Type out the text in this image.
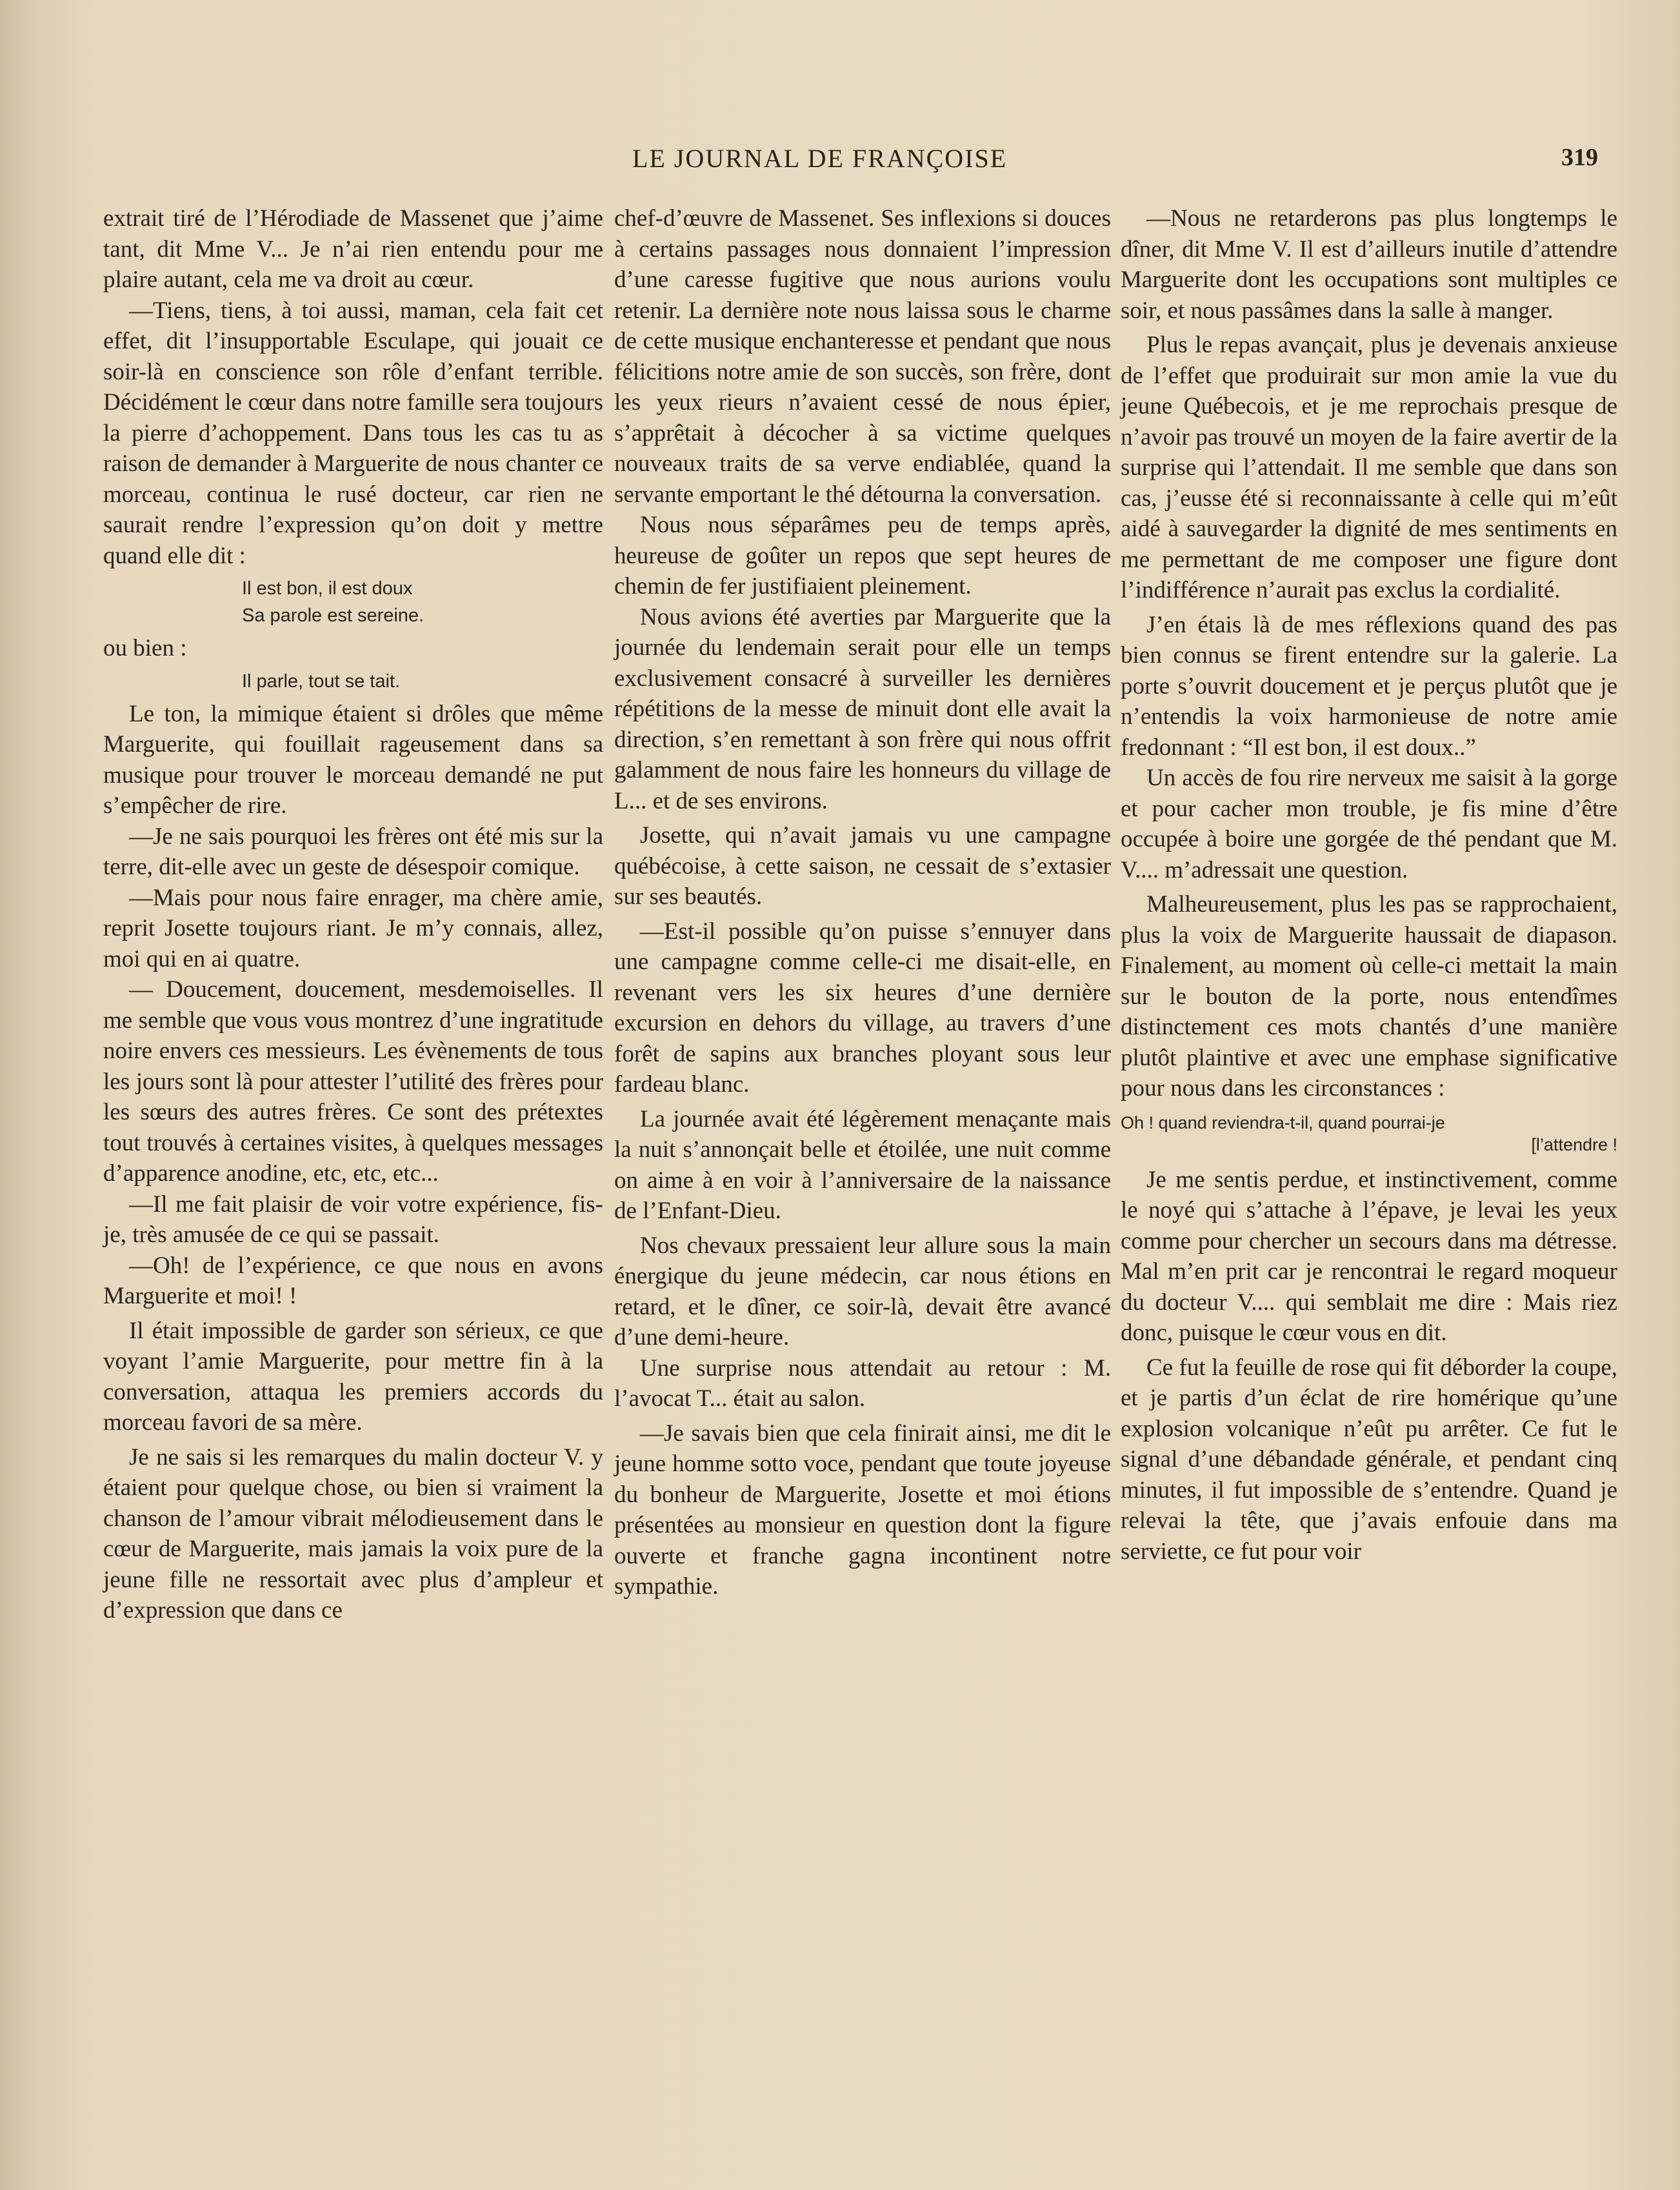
LE JOURNAL DE FRANÇOISE	319

extrait tiré de l’Hérodiade de Massenet que j’aime tant, dit Mme V... Je n’ai rien entendu pour me plaire autant, cela me va droit au cœur.

—Tiens, tiens, à toi aussi, maman, cela fait cet effet, dit l’insupportable Esculape, qui jouait ce soir-là en conscience son rôle d’enfant terrible. Décidément le cœur dans notre famille sera toujours la pierre d’achoppement. Dans tous les cas tu as raison de demander à Marguerite de nous chanter ce morceau, continua le rusé docteur, car rien ne saurait rendre l’expression qu’on doit y mettre quand elle dit :

Il est bon, il est doux
Sa parole est sereine.

ou bien :

Il parle, tout se tait.

Le ton, la mimique étaient si drôles que même Marguerite, qui fouillait rageusement dans sa musique pour trouver le morceau demandé ne put s’empêcher de rire.

—Je ne sais pourquoi les frères ont été mis sur la terre, dit-elle avec un geste de désespoir comique.

—Mais pour nous faire enrager, ma chère amie, reprit Josette toujours riant. Je m’y connais, allez, moi qui en ai quatre.

— Doucement, doucement, mesdemoiselles. Il me semble que vous vous montrez d’une ingratitude noire envers ces messieurs. Les évènements de tous les jours sont là pour attester l’utilité des frères pour les sœurs des autres frères. Ce sont des prétextes tout trouvés à certaines visites, à quelques messages d’apparence anodine, etc, etc, etc...

—Il me fait plaisir de voir votre expérience, fis-je, très amusée de ce qui se passait.

—Oh! de l’expérience, ce que nous en avons Marguerite et moi! !

Il était impossible de garder son sérieux, ce que voyant l’amie Marguerite, pour mettre fin à la conversation, attaqua les premiers accords du morceau favori de sa mère.

Je ne sais si les remarques du malin docteur V. y étaient pour quelque chose, ou bien si vraiment la chanson de l’amour vibrait mélodieusement dans le cœur de Marguerite, mais jamais la voix pure de la jeune fille ne ressortait avec plus d’ampleur et d’expression que dans ce

chef-d’œuvre de Massenet. Ses inflexions si douces à certains passages nous donnaient l’impression d’une caresse fugitive que nous aurions voulu retenir. La dernière note nous laissa sous le charme de cette musique enchanteresse et pendant que nous félicitions notre amie de son succès, son frère, dont les yeux rieurs n’avaient cessé de nous épier, s’apprêtait à décocher à sa victime quelques nouveaux traits de sa verve endiablée, quand la servante emportant le thé détourna la conversation.

Nous nous séparâmes peu de temps après, heureuse de goûter un repos que sept heures de chemin de fer justifiaient pleinement.

Nous avions été averties par Marguerite que la journée du lendemain serait pour elle un temps exclusivement consacré à surveiller les dernières répétitions de la messe de minuit dont elle avait la direction, s’en remettant à son frère qui nous offrit galamment de nous faire les honneurs du village de L... et de ses environs.

Josette, qui n’avait jamais vu une campagne québécoise, à cette saison, ne cessait de s’extasier sur ses beautés.

—Est-il possible qu’on puisse s’ennuyer dans une campagne comme celle-ci me disait-elle, en revenant vers les six heures d’une dernière excursion en dehors du village, au travers d’une forêt de sapins aux branches ployant sous leur fardeau blanc.

La journée avait été légèrement menaçante mais la nuit s’annonçait belle et étoilée, une nuit comme on aime à en voir à l’anniversaire de la naissance de l’Enfant-Dieu.

Nos chevaux pressaient leur allure sous la main énergique du jeune médecin, car nous étions en retard, et le dîner, ce soir-là, devait être avancé d’une demi-heure.

Une surprise nous attendait au retour : M. l’avocat T... était au salon.

—Je savais bien que cela finirait ainsi, me dit le jeune homme sotto voce, pendant que toute joyeuse du bonheur de Marguerite, Josette et moi étions présentées au monsieur en question dont la figure ouverte et franche gagna incontinent notre sympathie.

—Nous ne retarderons pas plus longtemps le dîner, dit Mme V. Il est d’ailleurs inutile d’attendre Marguerite dont les occupations sont multiples ce soir, et nous passâmes dans la salle à manger.

Plus le repas avançait, plus je devenais anxieuse de l’effet que produirait sur mon amie la vue du jeune Québecois, et je me reprochais presque de n’avoir pas trouvé un moyen de la faire avertir de la surprise qui l’attendait. Il me semble que dans son cas, j’eusse été si reconnaissante à celle qui m’eût aidé à sauvegarder la dignité de mes sentiments en me permettant de me composer une figure dont l’indifférence n’aurait pas exclus la cordialité.

J’en étais là de mes réflexions quand des pas bien connus se firent entendre sur la galerie. La porte s’ouvrit doucement et je perçus plutôt que je n’entendis la voix harmonieuse de notre amie fredonnant : “Il est bon, il est doux..”

Un accès de fou rire nerveux me saisit à la gorge et pour cacher mon trouble, je fis mine d’être occupée à boire une gorgée de thé pendant que M. V.... m’adressait une question.

Malheureusement, plus les pas se rapprochaient, plus la voix de Marguerite haussait de diapason. Finalement, au moment où celle-ci mettait la main sur le bouton de la porte, nous entendîmes distinctement ces mots chantés d’une manière plutôt plaintive et avec une emphase significative pour nous dans les circonstances :

Oh ! quand reviendra-t-il, quand pourrai-je
[l’attendre !

Je me sentis perdue, et instinctivement, comme le noyé qui s’attache à l’épave, je levai les yeux comme pour chercher un secours dans ma détresse. Mal m’en prit car je rencontrai le regard moqueur du docteur V.... qui semblait me dire : Mais riez donc, puisque le cœur vous en dit.

Ce fut la feuille de rose qui fit déborder la coupe, et je partis d’un éclat de rire homérique qu’une explosion volcanique n’eût pu arrêter. Ce fut le signal d’une débandade générale, et pendant cinq minutes, il fut impossible de s’entendre. Quand je relevai la tête, que j’avais enfouie dans ma serviette, ce fut pour voir
